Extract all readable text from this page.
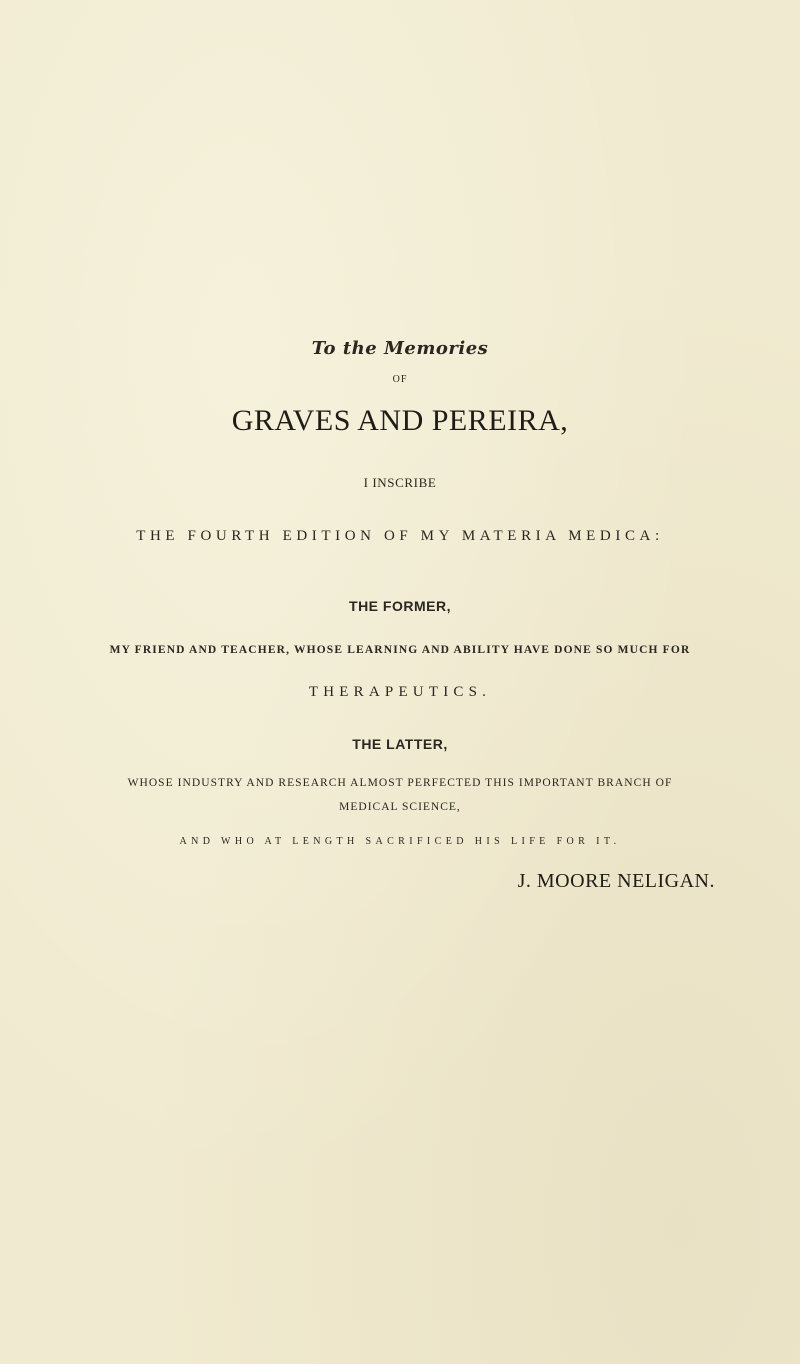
To the Memories
OF
GRAVES AND PEREIRA,
I INSCRIBE
THE FOURTH EDITION OF MY MATERIA MEDICA:
THE FORMER,
MY FRIEND AND TEACHER, WHOSE LEARNING AND ABILITY HAVE DONE SO MUCH FOR
THERAPEUTICS.
THE LATTER,
WHOSE INDUSTRY AND RESEARCH ALMOST PERFECTED THIS IMPORTANT BRANCH OF
MEDICAL SCIENCE,
AND WHO AT LENGTH SACRIFICED HIS LIFE FOR IT.
J. MOORE NELIGAN.
